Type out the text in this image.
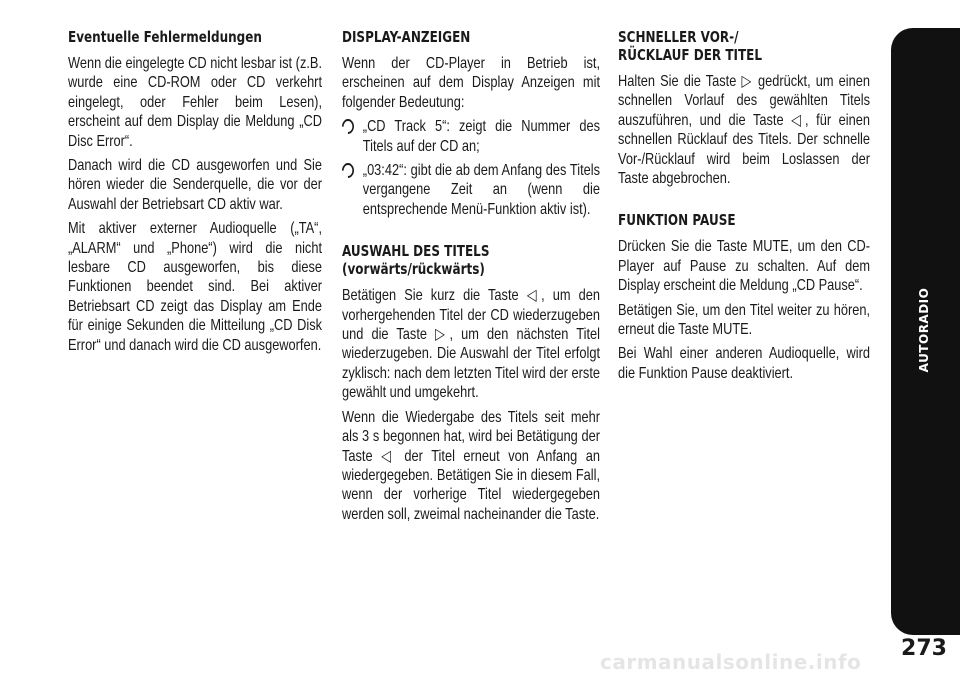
Eventuelle Fehlermeldungen

Wenn die eingelegte CD nicht lesbar ist (z.B. wurde eine CD-ROM oder CD verkehrt eingelegt, oder Fehler beim Lesen), erscheint auf dem Display die Meldung „CD Disc Error“.

Danach wird die CD ausgeworfen und Sie hören wieder die Senderquelle, die vor der Auswahl der Betriebsart CD aktiv war.

Mit aktiver externer Audioquelle („TA“, „ALARM“ und „Phone“) wird die nicht lesbare CD ausgeworfen, bis diese Funktionen beendet sind. Bei aktiver Betriebsart CD zeigt das Display am Ende für einige Sekunden die Mitteilung „CD Disk Error“ und danach wird die CD ausgeworfen.

DISPLAY-ANZEIGEN

Wenn der CD-Player in Betrieb ist, erscheinen auf dem Display Anzeigen mit folgender Bedeutung:

„CD Track 5“: zeigt die Nummer des Titels auf der CD an;

„03:42“: gibt die ab dem Anfang des Titels vergangene Zeit an (wenn die entsprechende Menü-Funktion aktiv ist).

AUSWAHL DES TITELS
(vorwärts/rückwärts)

Betätigen Sie kurz die Taste ◁, um den vorhergehenden Titel der CD wiederzugeben und die Taste ▷, um den nächsten Titel wiederzugeben. Die Auswahl der Titel erfolgt zyklisch: nach dem letzten Titel wird der erste gewählt und umgekehrt.

Wenn die Wiedergabe des Titels seit mehr als 3 s begonnen hat, wird bei Betätigung der Taste ◁ der Titel erneut von Anfang an wiedergegeben. Betätigen Sie in diesem Fall, wenn der vorherige Titel wiedergegeben werden soll, zweimal nacheinander die Taste.

SCHNELLER VOR-/
RÜCKLAUF DER TITEL

Halten Sie die Taste ▷ gedrückt, um einen schnellen Vorlauf des gewählten Titels auszuführen, und die Taste ◁, für einen schnellen Rücklauf des Titels. Der schnelle Vor-/Rücklauf wird beim Loslassen der Taste abgebrochen.

FUNKTION PAUSE

Drücken Sie die Taste MUTE, um den CD-Player auf Pause zu schalten. Auf dem Display erscheint die Meldung „CD Pause“.

Betätigen Sie, um den Titel weiter zu hören, erneut die Taste MUTE.

Bei Wahl einer anderen Audioquelle, wird die Funktion Pause deaktiviert.

AUTORADIO
273
carmanualsonline.info
